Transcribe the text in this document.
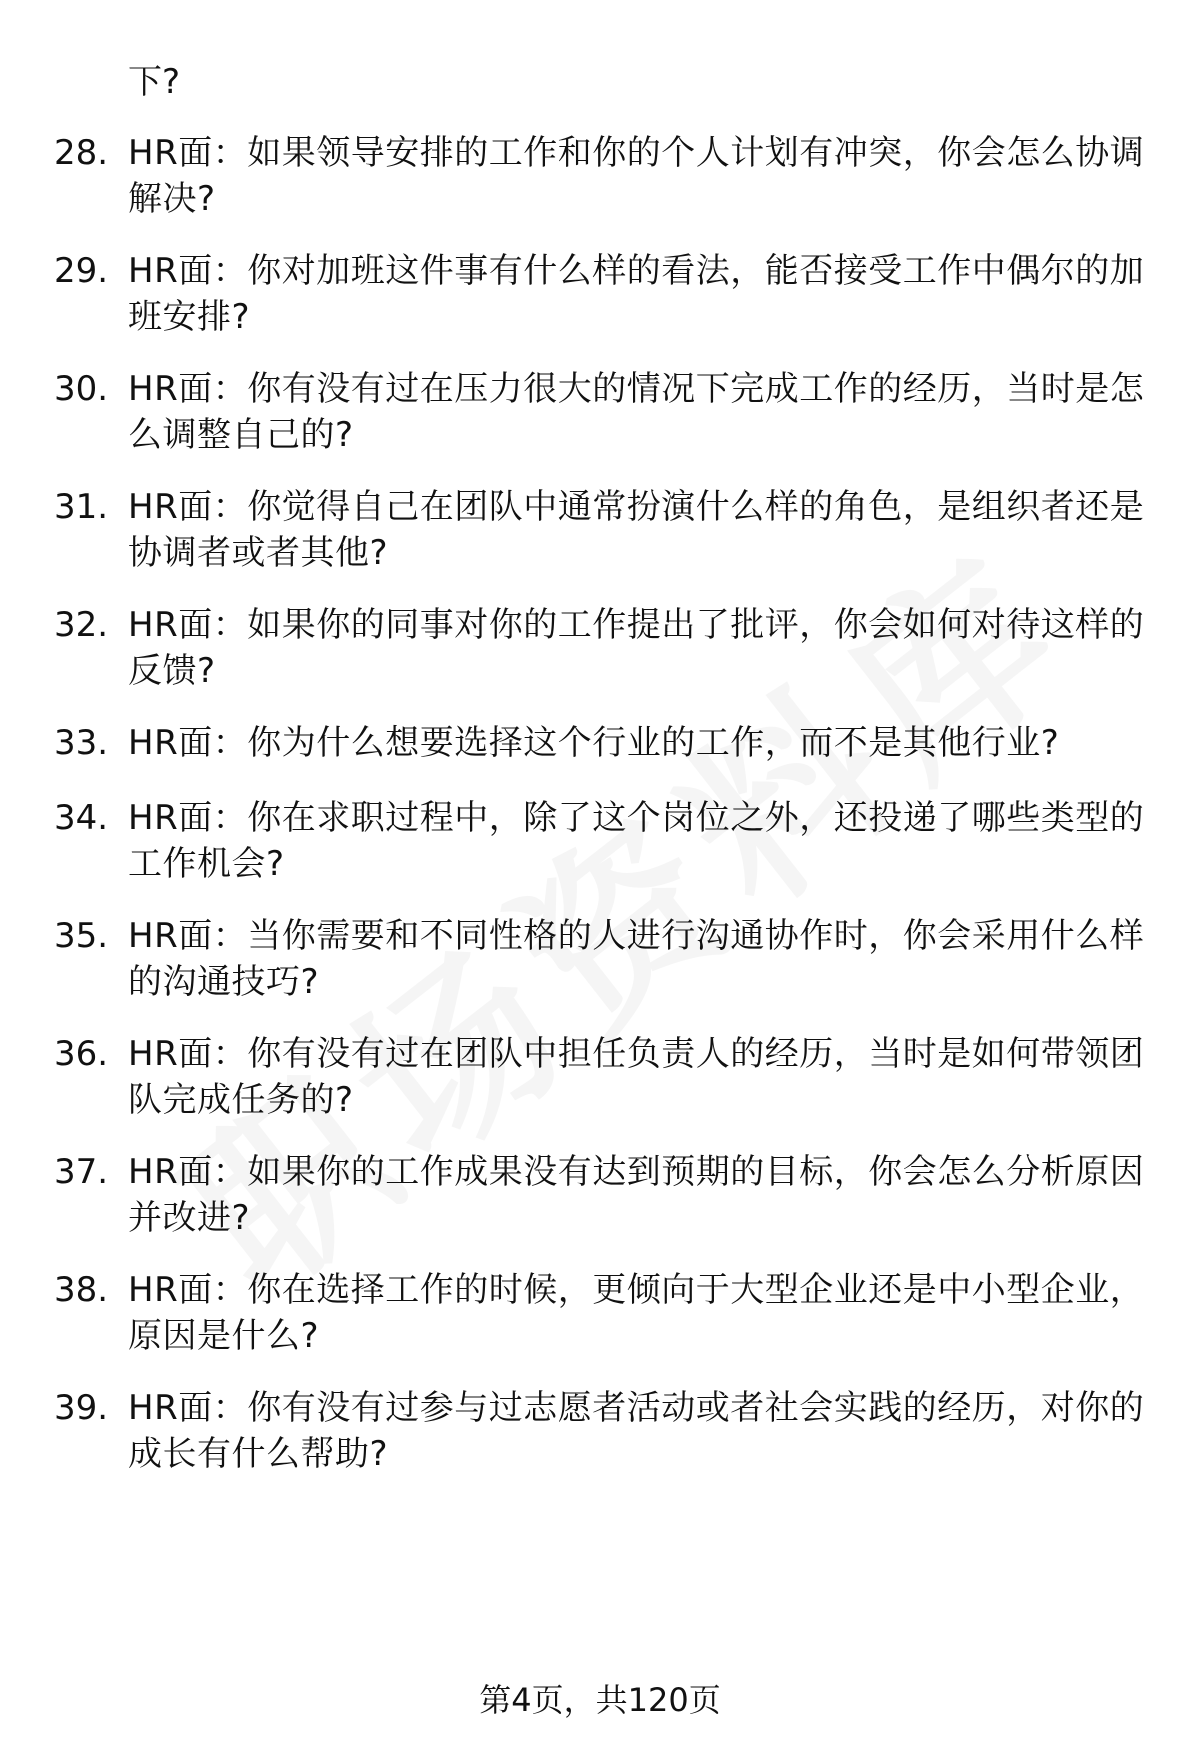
下?
28. HR面：如果领导安排的工作和你的个人计划有冲突，你会怎么协调解决?
29. HR面：你对加班这件事有什么样的看法，能否接受工作中偶尔的加班安排?
30. HR面：你有没有过在压力很大的情况下完成工作的经历，当时是怎么调整自己的?
31. HR面：你觉得自己在团队中通常扮演什么样的角色，是组织者还是协调者或者其他?
32. HR面：如果你的同事对你的工作提出了批评，你会如何对待这样的反馈?
33. HR面：你为什么想要选择这个行业的工作，而不是其他行业?
34. HR面：你在求职过程中，除了这个岗位之外，还投递了哪些类型的工作机会?
35. HR面：当你需要和不同性格的人进行沟通协作时，你会采用什么样的沟通技巧?
36. HR面：你有没有过在团队中担任负责人的经历，当时是如何带领团队完成任务的?
37. HR面：如果你的工作成果没有达到预期的目标，你会怎么分析原因并改进?
38. HR面：你在选择工作的时候，更倾向于大型企业还是中小型企业，原因是什么?
39. HR面：你有没有过参与过志愿者活动或者社会实践的经历，对你的成长有什么帮助?
第4页，共120页
